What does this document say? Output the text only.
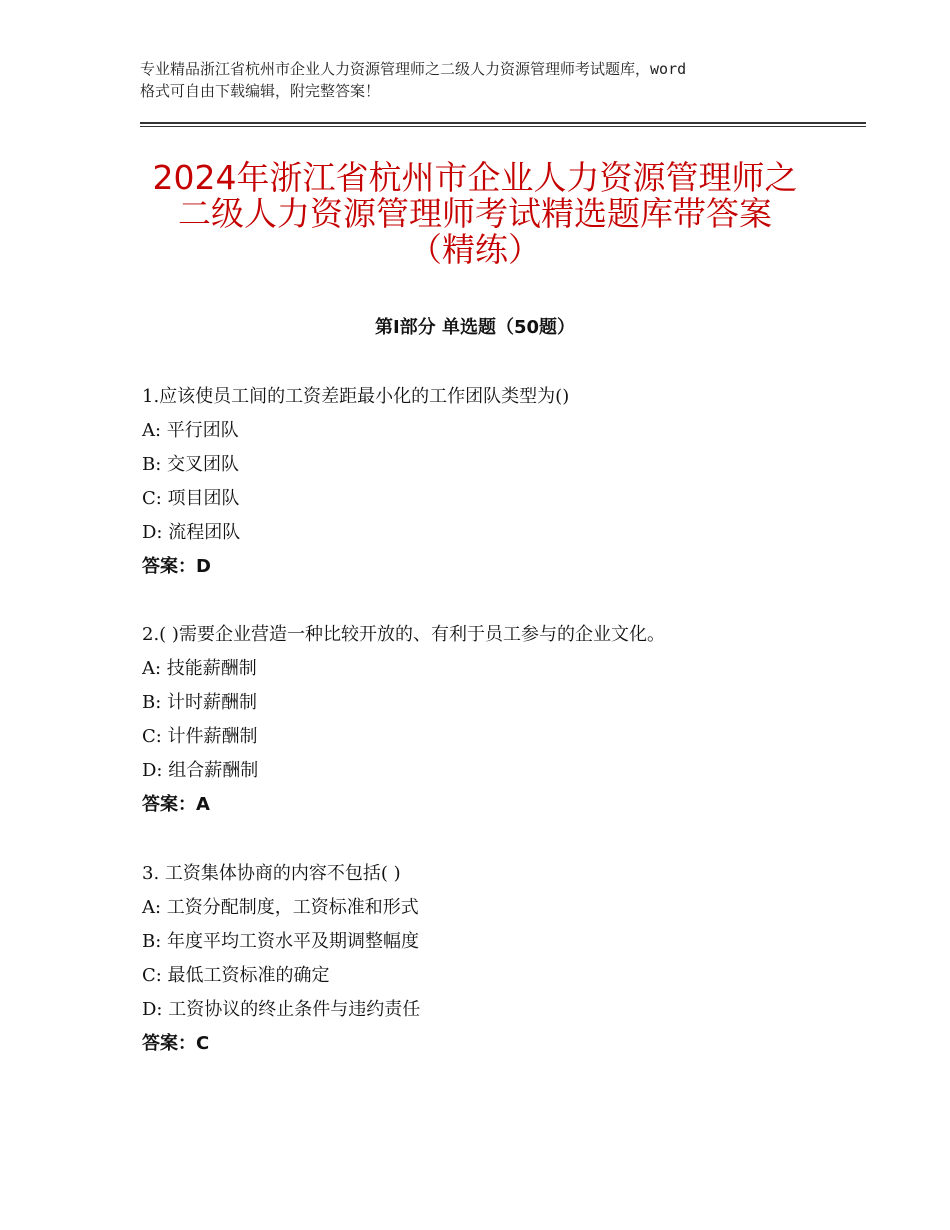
专业精品浙江省杭州市企业人力资源管理师之二级人力资源管理师考试题库，word
格式可自由下载编辑，附完整答案！
2024年浙江省杭州市企业人力资源管理师之
二级人力资源管理师考试精选题库带答案
（精练）
第Ⅰ部分 单选题（50题）
1.应该使员工间的工资差距最小化的工作团队类型为()
A: 平行团队
B: 交叉团队
C: 项目团队
D: 流程团队
答案：D
2.( )需要企业营造一种比较开放的、有利于员工参与的企业文化。
A: 技能薪酬制
B: 计时薪酬制
C: 计件薪酬制
D: 组合薪酬制
答案：A
3. 工资集体协商的内容不包括( )
A: 工资分配制度，工资标准和形式
B: 年度平均工资水平及期调整幅度
C: 最低工资标准的确定
D: 工资协议的终止条件与违约责任
答案：C
